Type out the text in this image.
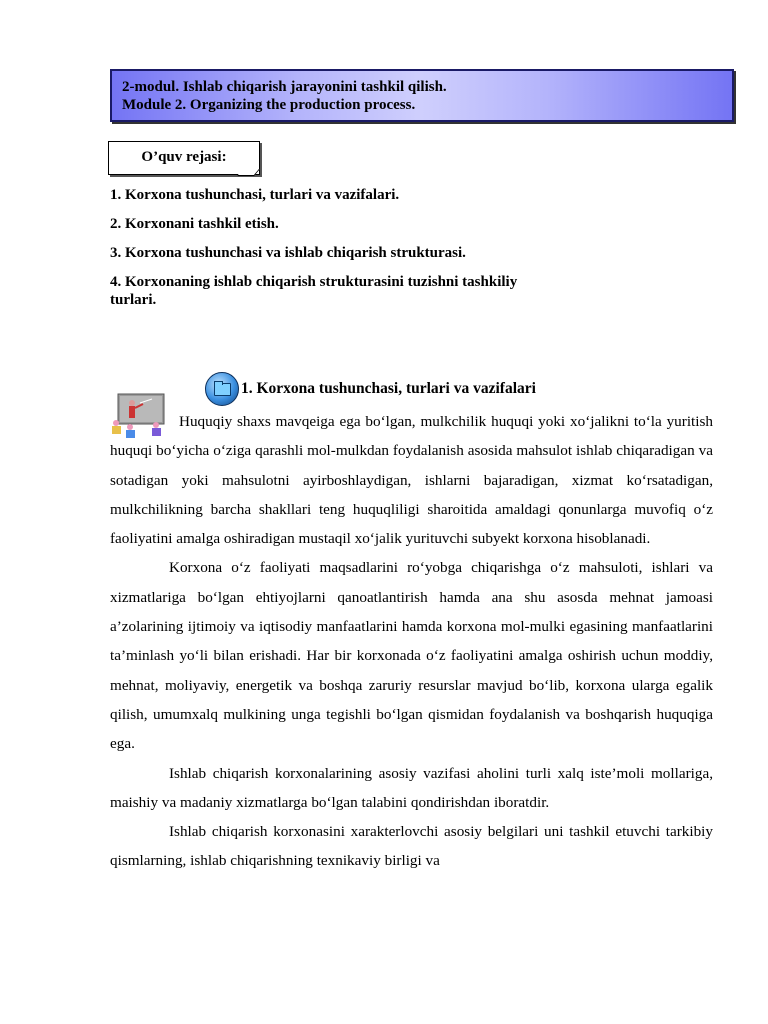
2-modul. Ishlab chiqarish jarayonini tashkil qilish.
Module 2. Organizing the production process.
O’quv rejasi:
1. Korxona tushunchasi, turlari va vazifalari.
2. Korxonani tashkil etish.
3. Korxona tushunchasi va ishlab chiqarish strukturasi.
4. Korxonaning ishlab chiqarish strukturasini tuzishni tashkiliy turlari.
1. Korxona tushunchasi, turlari va vazifalari

Huquqiy shaxs mavqeiga ega bo‘lgan, mulkchilik huquqi yoki xo‘jalikni to‘la yuritish huquqi bo‘yicha o‘ziga qarashli mol-mulkdan foydalanish asosida mahsulot ishlab chiqaradigan va sotadigan yoki mahsulotni ayirboshlaydigan, ishlarni bajaradigan, xizmat ko‘rsatadigan, mulkchilikning barcha shakllari teng huquqliligi sharoitida amaldagi qonunlarga muvofiq o‘z faoliyatini amalga oshiradigan mustaqil xo‘jalik yurituvchi subyekt korxona hisoblanadi.

Korxona o‘z faoliyati maqsadlarini ro‘yobga chiqarishga o‘z mahsuloti, ishlari va xizmatlariga bo‘lgan ehtiyojlarni qanoatlantirish hamda ana shu asosda mehnat jamoasi a’zolarining ijtimoiy va iqtisodiy manfaatlarini hamda korxona mol-mulki egasining manfaatlarini ta’minlash yo‘li bilan erishadi. Har bir korxonada o‘z faoliyatini amalga oshirish uchun moddiy, mehnat, moliyaviy, energetik va boshqa zaruriy resurslar mavjud bo‘lib, korxona ularga egalik qilish, umumxalq mulkining unga tegishli bo‘lgan qismidan foydalanish va boshqarish huquqiga ega.

Ishlab chiqarish korxonalarining asosiy vazifasi aholini turli xalq iste’moli mollariga, maishiy va madaniy xizmatlarga bo‘lgan talabini qondirishdan iboratdir.

Ishlab chiqarish korxonasini xarakterlovchi asosiy belgilari uni tashkil etuvchi tarkibiy qismlarning, ishlab chiqarishning texnikaviy birligi va
